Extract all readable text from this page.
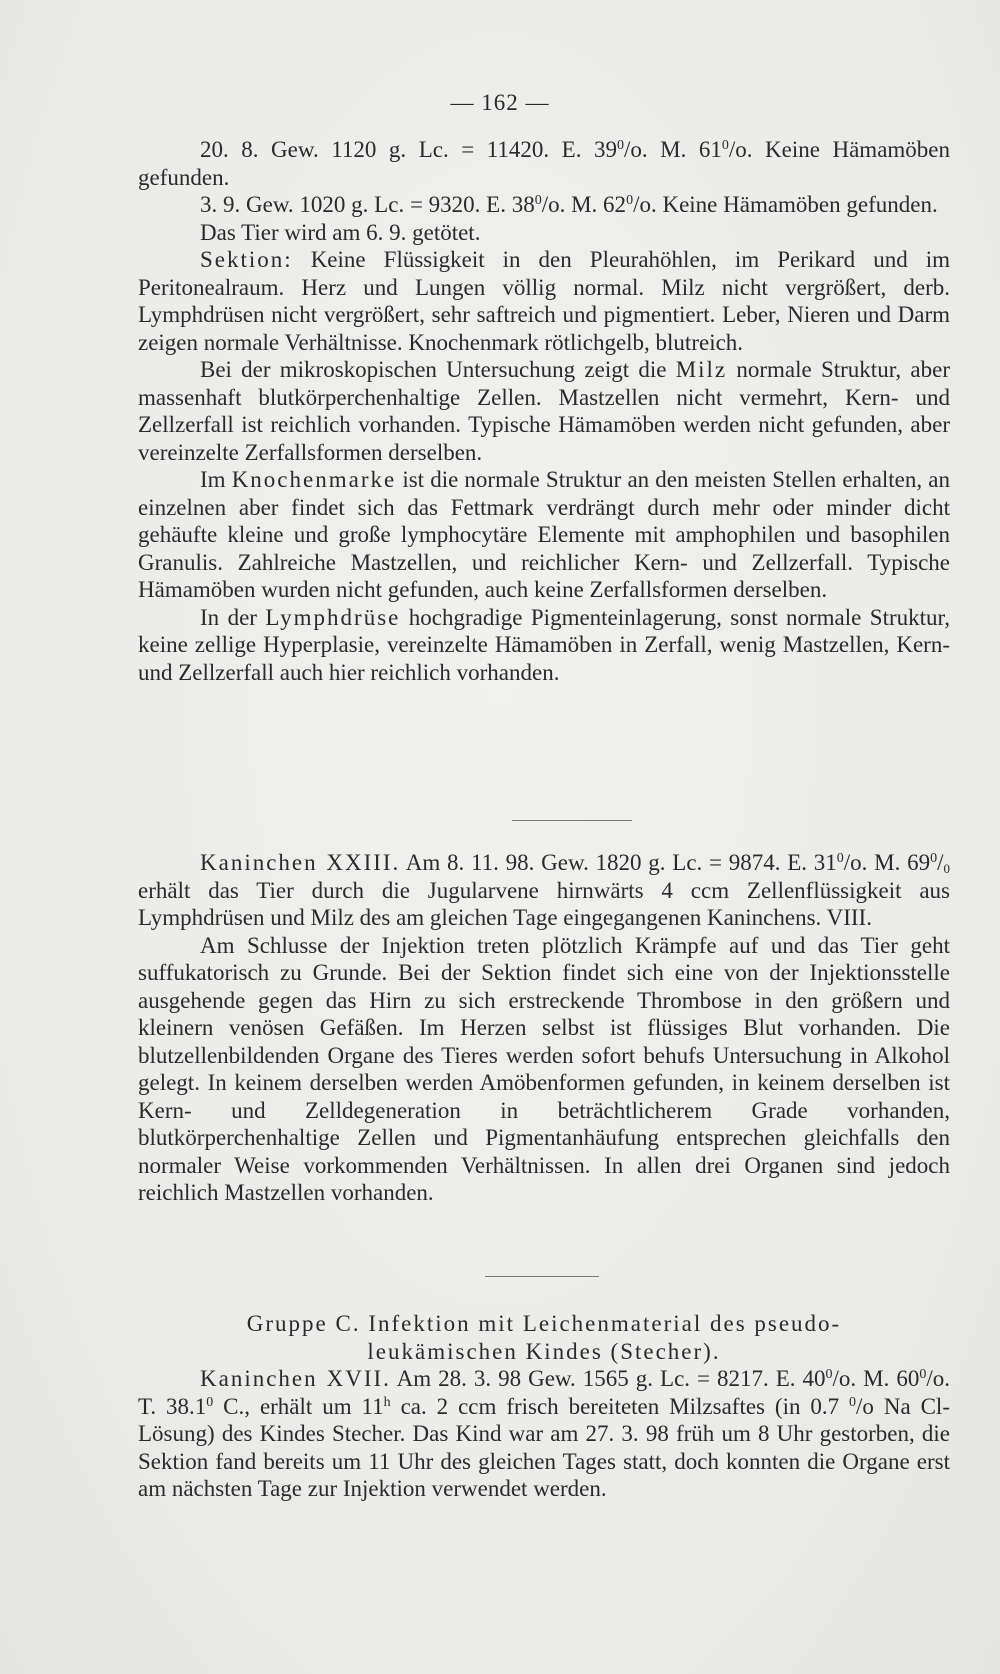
— 162 —

20. 8. Gew. 1120 g. Lc. = 11420. E. $39^0/o$. M. $61^0/o$. Keine Hämamöben gefunden.

3. 9. Gew. 1020 g. Lc. = 9320. E. $38^0/o$. M. $62^0/o$. Keine Hämamöben gefunden.

Das Tier wird am 6. 9. getötet.

Sektion: Keine Flüssigkeit in den Pleurahöhlen, im Perikard und im Peritonealraum. Herz und Lungen völlig normal. Milz nicht vergrößert, derb. Lymphdrüsen nicht vergrößert, sehr saftreich und pigmentiert. Leber, Nieren und Darm zeigen normale Verhältnisse. Knochenmark rötlichgelb, blutreich.

Bei der mikroskopischen Untersuchung zeigt die Milz normale Struktur, aber massenhaft blutkörperchenhaltige Zellen. Mastzellen nicht vermehrt, Kern- und Zellzerfall ist reichlich vorhanden. Typische Hämamöben werden nicht gefunden, aber vereinzelte Zerfallsformen derselben.

Im Knochenmarke ist die normale Struktur an den meisten Stellen erhalten, an einzelnen aber findet sich das Fettmark verdrängt durch mehr oder minder dicht gehäufte kleine und große lymphocytäre Elemente mit amphophilen und basophilen Granulis. Zahlreiche Mastzellen, und reichlicher Kern- und Zellzerfall. Typische Hämamöben wurden nicht gefunden, auch keine Zerfallsformen derselben.

In der Lymphdrüse hochgradige Pigmenteinlagerung, sonst normale Struktur, keine zellige Hyperplasie, vereinzelte Hämamöben in Zerfall, wenig Mastzellen, Kern- und Zellzerfall auch hier reichlich vorhanden.

Kaninchen XXIII. Am 8. 11. 98. Gew. 1820 g. Lc. = 9874. E. $31^0/o$. M. $69^0/_0$ erhält das Tier durch die Jugularvene hirnwärts 4 ccm Zellenflüssigkeit aus Lymphdrüsen und Milz des am gleichen Tage eingegangenen Kaninchens. VIII.

Am Schlusse der Injektion treten plötzlich Krämpfe auf und das Tier geht suffukatorisch zu Grunde. Bei der Sektion findet sich eine von der Injektionsstelle ausgehende gegen das Hirn zu sich erstreckende Thrombose in den größern und kleinern venösen Gefäßen. Im Herzen selbst ist flüssiges Blut vorhanden. Die blutzellenbildenden Organe des Tieres werden sofort behufs Untersuchung in Alkohol gelegt. In keinem derselben werden Amöbenformen gefunden, in keinem derselben ist Kern- und Zelldegeneration in beträchtlicherem Grade vorhanden, blutkörperchenhaltige Zellen und Pigmentanhäufung entsprechen gleichfalls den normaler Weise vorkommenden Verhältnissen. In allen drei Organen sind jedoch reichlich Mastzellen vorhanden.

Gruppe C. Infektion mit Leichenmaterial des pseudo-
leukämischen Kindes (Stecher).

Kaninchen XVII. Am 28. 3. 98 Gew. 1565 g. Lc. = 8217. E. $40^0/o$. M. $60^0/o$. T. 38.1$^0$ C., erhält um 11$^h$ ca. 2 ccm frisch bereiteten Milzsaftes (in 0.7 $^0$/o Na Cl-Lösung) des Kindes Stecher. Das Kind war am 27. 3. 98 früh um 8 Uhr gestorben, die Sektion fand bereits um 11 Uhr des gleichen Tages statt, doch konnten die Organe erst am nächsten Tage zur Injektion verwendet werden.
